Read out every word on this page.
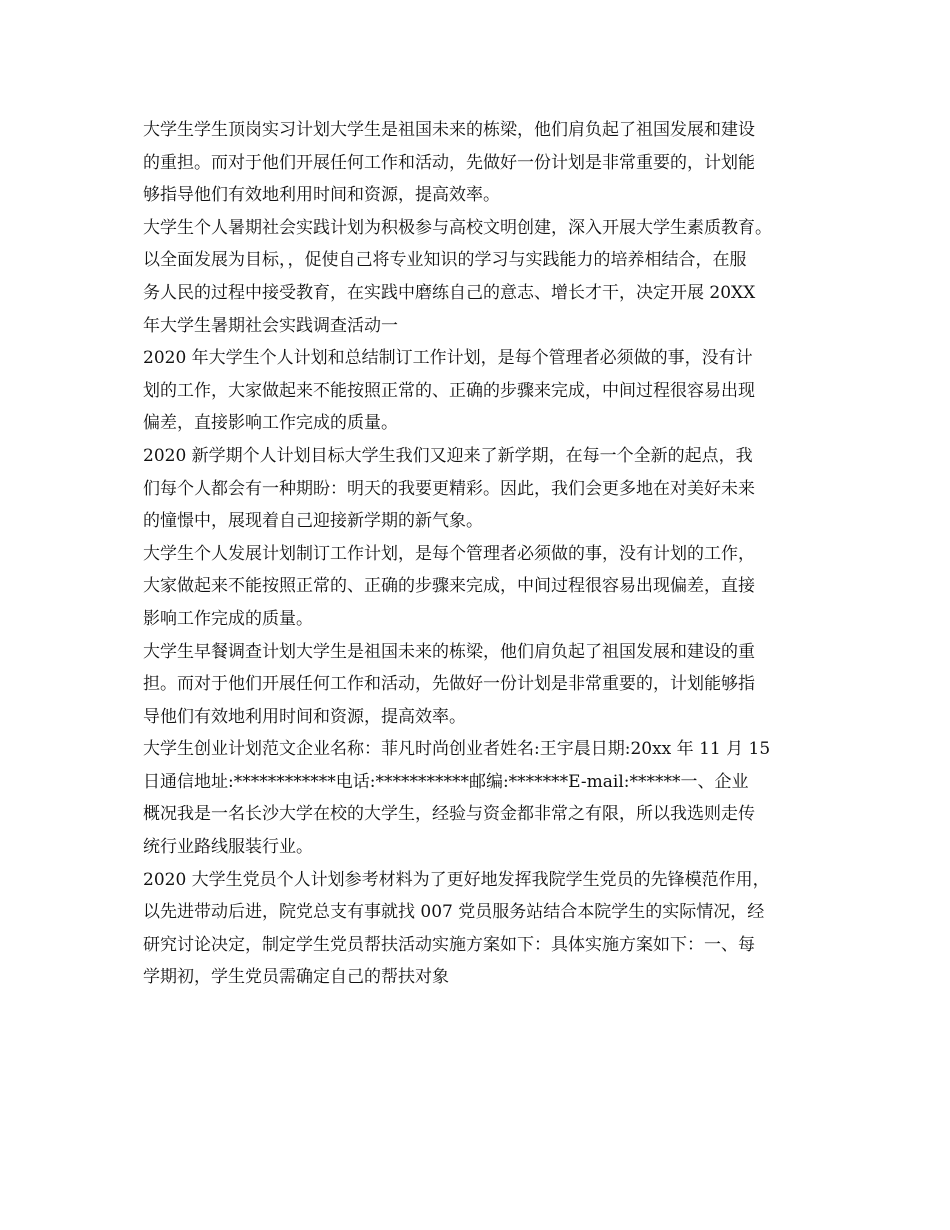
大学生学生顶岗实习计划大学生是祖国未来的栋梁，他们肩负起了祖国发展和建设
的重担。而对于他们开展任何工作和活动，先做好一份计划是非常重要的，计划能
够指导他们有效地利用时间和资源，提高效率。

大学生个人暑期社会实践计划为积极参与高校文明创建，深入开展大学生素质教育。
以全面发展为目标，，促使自己将专业知识的学习与实践能力的培养相结合，在服
务人民的过程中接受教育，在实践中磨练自己的意志、增长才干，决定开展 20XX
年大学生暑期社会实践调查活动一

2020 年大学生个人计划和总结制订工作计划，是每个管理者必须做的事，没有计
划的工作，大家做起来不能按照正常的、正确的步骤来完成，中间过程很容易出现
偏差，直接影响工作完成的质量。

2020 新学期个人计划目标大学生我们又迎来了新学期，在每一个全新的起点，我
们每个人都会有一种期盼：明天的我要更精彩。因此，我们会更多地在对美好未来
的憧憬中，展现着自己迎接新学期的新气象。

大学生个人发展计划制订工作计划，是每个管理者必须做的事，没有计划的工作，
大家做起来不能按照正常的、正确的步骤来完成，中间过程很容易出现偏差，直接
影响工作完成的质量。

大学生早餐调查计划大学生是祖国未来的栋梁，他们肩负起了祖国发展和建设的重
担。而对于他们开展任何工作和活动，先做好一份计划是非常重要的，计划能够指
导他们有效地利用时间和资源，提高效率。

大学生创业计划范文企业名称：菲凡时尚创业者姓名:王宇晨日期:20xx 年 11 月 15
日通信地址:************电话:***********邮编:*******E-mail:******一、企业
概况我是一名长沙大学在校的大学生，经验与资金都非常之有限，所以我选则走传
统行业路线服装行业。

2020 大学生党员个人计划参考材料为了更好地发挥我院学生党员的先锋模范作用，
以先进带动后进，院党总支有事就找 007 党员服务站结合本院学生的实际情况，经
研究讨论决定，制定学生党员帮扶活动实施方案如下：具体实施方案如下：一、每
学期初，学生党员需确定自己的帮扶对象
